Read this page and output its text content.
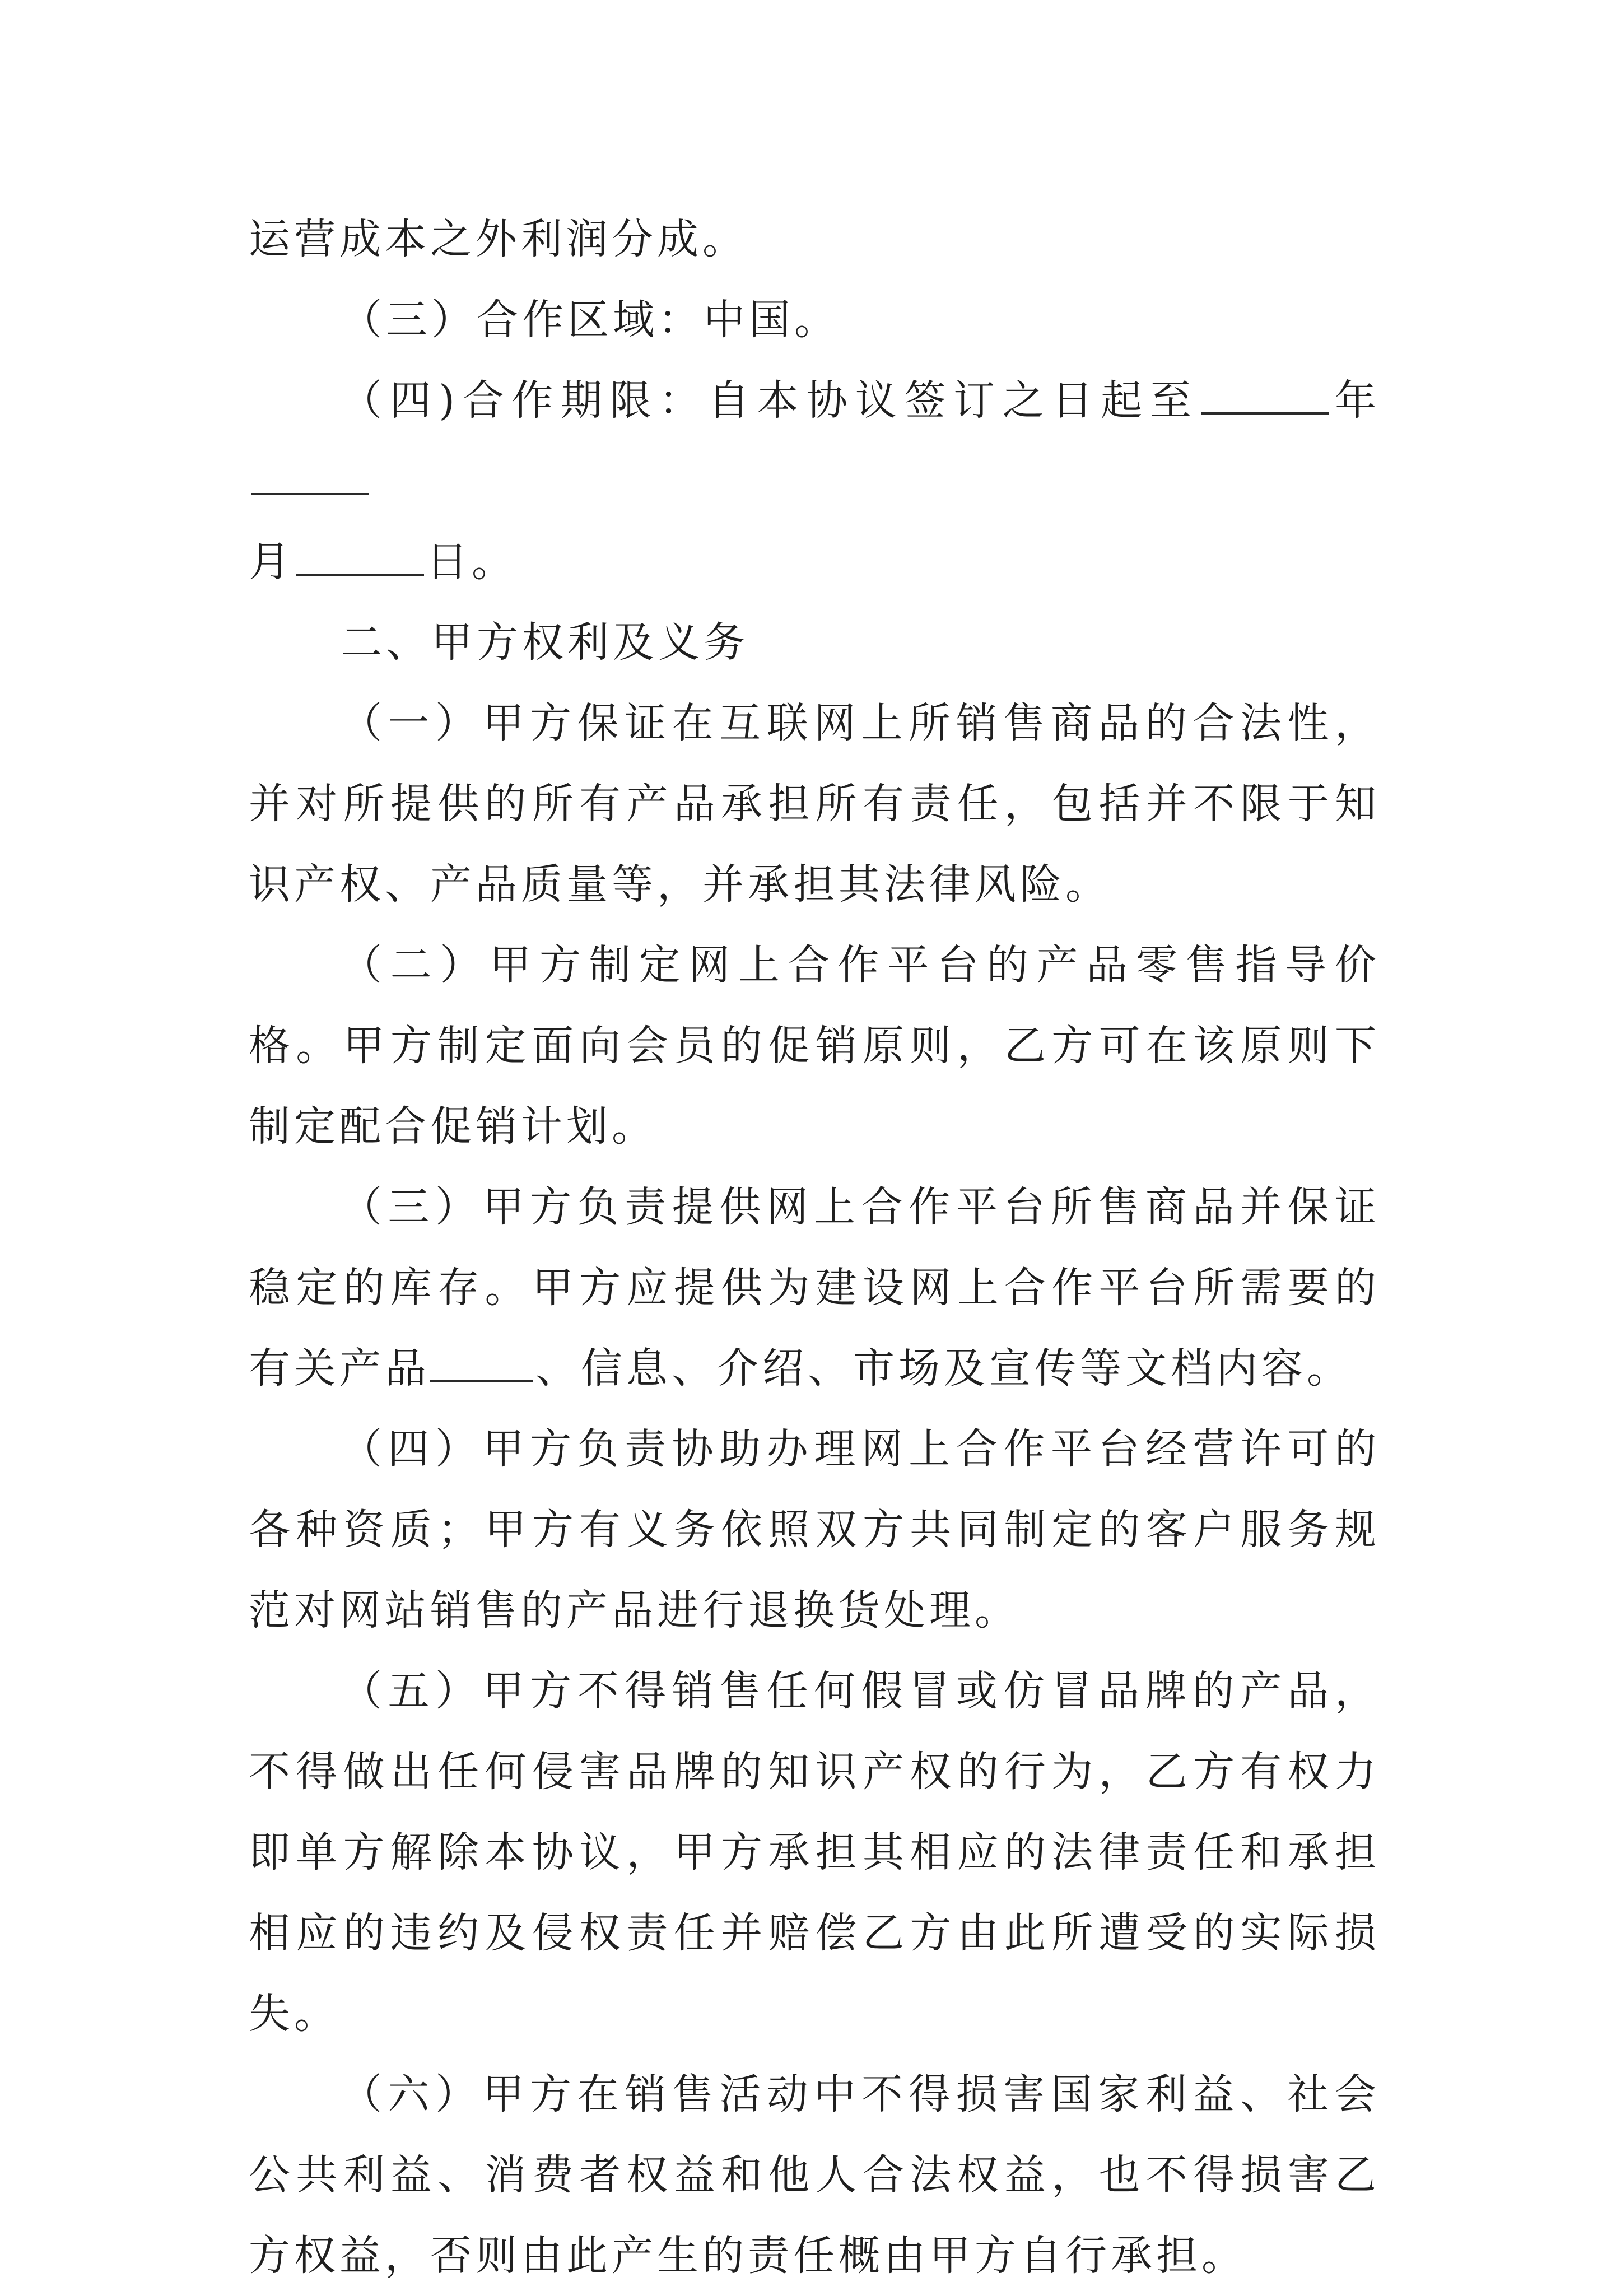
运营成本之外利润分成。

（三）合作区域：中国。

（四)合作期限：自本协议签订之日起至	年
月	日。

二、甲方权利及义务

（一）甲方保证在互联网上所销售商品的合法性，并对所提供的所有产品承担所有责任，包括并不限于知识产权、产品质量等，并承担其法律风险。

（二）甲方制定网上合作平台的产品零售指导价格。甲方制定面向会员的促销原则，乙方可在该原则下制定配合促销计划。

（三）甲方负责提供网上合作平台所售商品并保证稳定的库存。甲方应提供为建设网上合作平台所需要的有关产品	、信息、介绍、市场及宣传等文档内容。

（四）甲方负责协助办理网上合作平台经营许可的各种资质；甲方有义务依照双方共同制定的客户服务规范对网站销售的产品进行退换货处理。

（五）甲方不得销售任何假冒或仿冒品牌的产品，不得做出任何侵害品牌的知识产权的行为，乙方有权力即单方解除本协议，甲方承担其相应的法律责任和承担相应的违约及侵权责任并赔偿乙方由此所遭受的实际损失。

（六）甲方在销售活动中不得损害国家利益、社会公共利益、消费者权益和他人合法权益，也不得损害乙方权益，否则由此产生的责任概由甲方自行承担。
